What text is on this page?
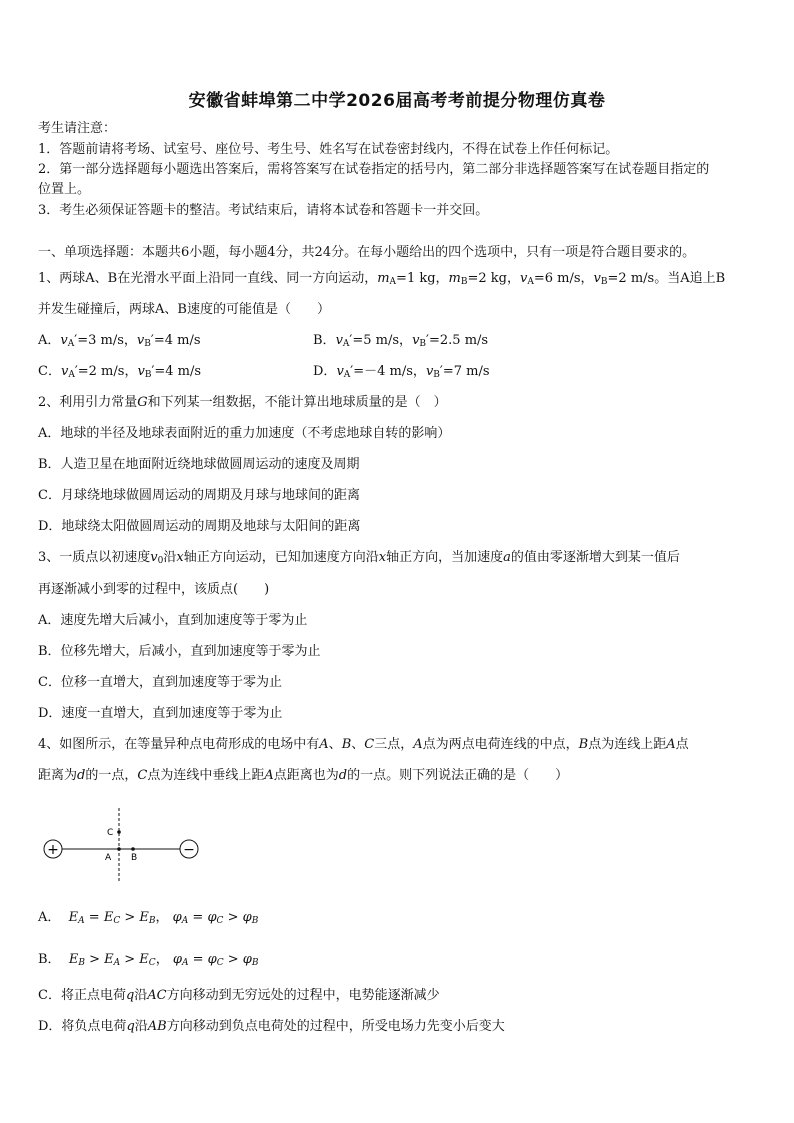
安徽省蚌埠第二中学2026届高考考前提分物理仿真卷
考生请注意：
1．答题前请将考场、试室号、座位号、考生号、姓名写在试卷密封线内，不得在试卷上作任何标记。
2．第一部分选择题每小题选出答案后，需将答案写在试卷指定的括号内，第二部分非选择题答案写在试卷题目指定的
位置上。
3．考生必须保证答题卡的整洁。考试结束后，请将本试卷和答题卡一并交回。
一、单项选择题：本题共6小题，每小题4分，共24分。在每小题给出的四个选项中，只有一项是符合题目要求的。
1、两球A、B在光滑水平面上沿同一直线、同一方向运动，$m_A=1$ kg，$m_B=2$ kg，$v_A=6$ m/s，$v_B=2$ m/s。当A追上B
并发生碰撞后，两球A、B速度的可能值是（　　）
A．$v_A'=3$ m/s，$v_B'=4$ m/s	B．$v_A'=5$ m/s，$v_B'=2.5$ m/s
C．$v_A'=2$ m/s，$v_B'=4$ m/s	D．$v_A'=-4$ m/s，$v_B'=7$ m/s
2、利用引力常量G和下列某一组数据，不能计算出地球质量的是（　）
A．地球的半径及地球表面附近的重力加速度（不考虑地球自转的影响）
B．人造卫星在地面附近绕地球做圆周运动的速度及周期
C．月球绕地球做圆周运动的周期及月球与地球间的距离
D．地球绕太阳做圆周运动的周期及地球与太阳间的距离
3、一质点以初速度$v_0$沿x轴正方向运动，已知加速度方向沿x轴正方向，当加速度a的值由零逐渐增大到某一值后
再逐渐减小到零的过程中，该质点(　　)
A．速度先增大后减小，直到加速度等于零为止
B．位移先增大，后减小，直到加速度等于零为止
C．位移一直增大，直到加速度等于零为止
D．速度一直增大，直到加速度等于零为止
4、如图所示，在等量异种点电荷形成的电场中有A、B、C三点，A点为两点电荷连线的中点，B点为连线上距A点
距离为d的一点，C点为连线中垂线上距A点距离也为d的一点。则下列说法正确的是（　　）
+	−
C
A B
A． $E_A = E_C > E_B$， $\varphi_A = \varphi_C > \varphi_B$
B． $E_B > E_A > E_C$， $\varphi_A = \varphi_C > \varphi_B$
C．将正点电荷q沿AC方向移动到无穷远处的过程中，电势能逐渐减少
D．将负点电荷q沿AB方向移动到负点电荷处的过程中，所受电场力先变小后变大
